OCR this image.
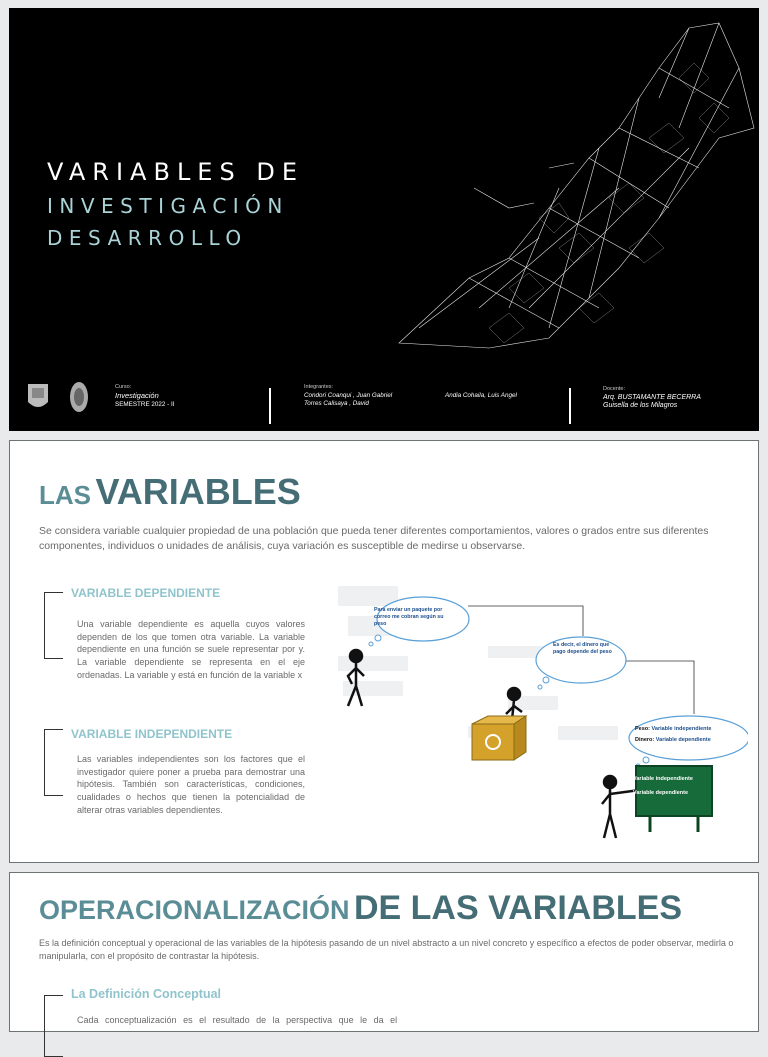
VARIABLES DE
INVESTIGACIÓN
DESARROLLO
Curso:
Investigación
SEMESTRE 2022 - II
Integrantes:
Condori Coanqui , Juan Gabriel
Torres Calisaya , David
Andia Cohaila, Luis Angel
Docente:
Arq. BUSTAMANTE BECERRA
Guisella de los Milagros
LAS VARIABLES
Se considera variable cualquier propiedad de una población que pueda tener diferentes comportamientos, valores o grados entre sus diferentes componentes, individuos o unidades de análisis, cuya variación es susceptible de medirse u observarse.
VARIABLE DEPENDIENTE
Una variable dependiente es aquella cuyos valores dependen de los que tomen otra variable. La variable dependiente en una función se suele representar por y. La variable dependiente se representa en el eje ordenadas. La variable y está en función de la variable x
VARIABLE INDEPENDIENTE
Las variables independientes son los factores que el investigador quiere poner a prueba para demostrar una hipótesis. También son características, condiciones, cualidades o hechos que tienen la potencialidad de alterar otras variables dependientes.
Para enviar un paquete por correo me cobran según su peso
Es decir, el dinero que pago depende del peso
Peso: Variable independiente
Dinero: Variable dependiente
Variable independiente
Variable dependiente
OPERACIONALIZACIÓN DE LAS VARIABLES
Es la definición conceptual y operacional de las variables de la hipótesis pasando de un nivel abstracto a un nivel concreto y específico a efectos de poder observar, medirla o manipularla, con el propósito de contrastar la hipótesis.
La Definición Conceptual
Cada conceptualización es el resultado de la perspectiva que le da el
